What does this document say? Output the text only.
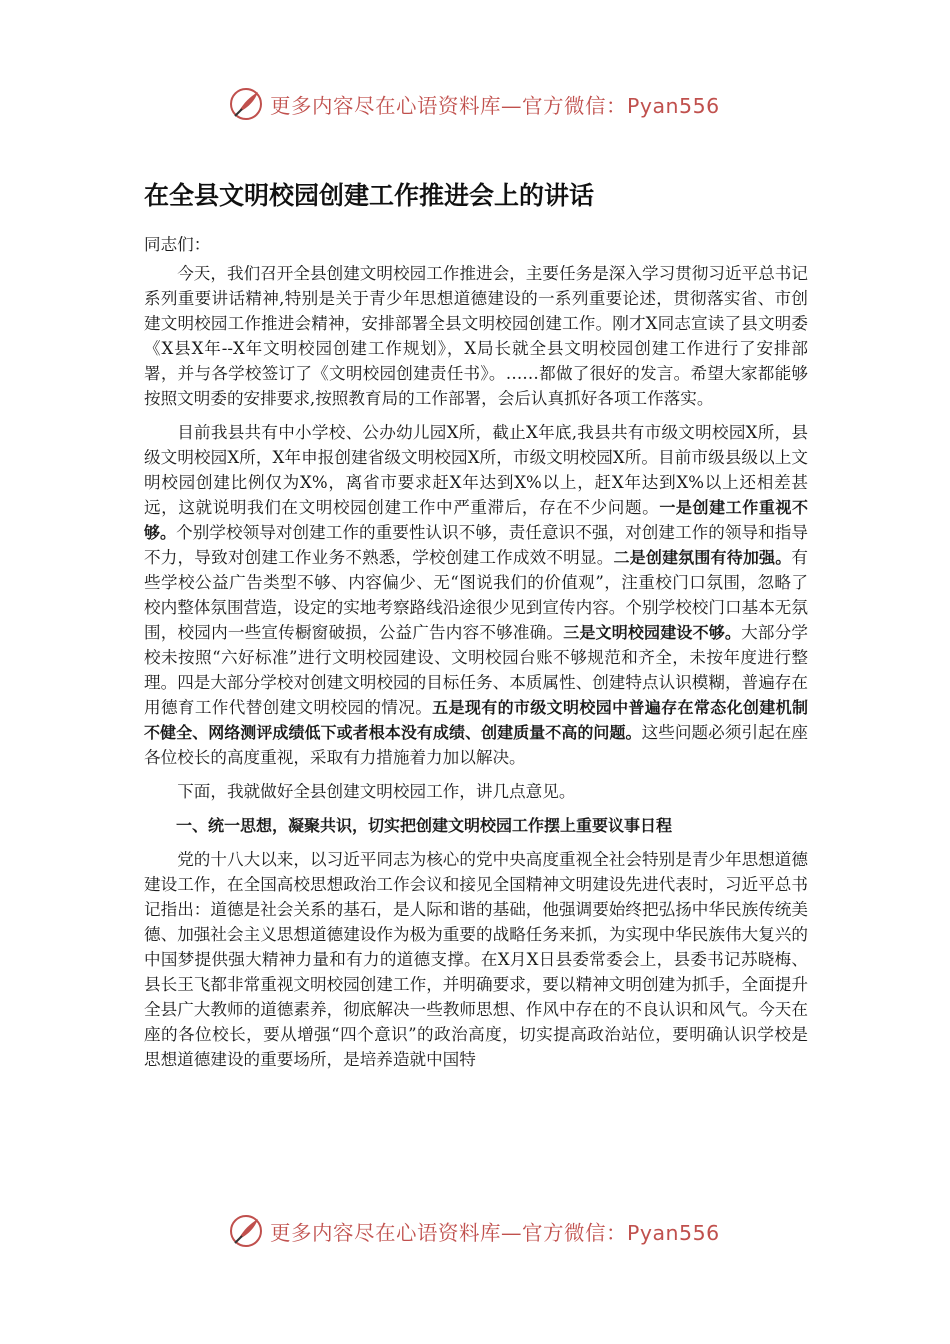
更多内容尽在心语资料库—官方微信：Pyan556
在全县文明校园创建工作推进会上的讲话

同志们：

今天，我们召开全县创建文明校园工作推进会，主要任务是深入学习贯彻习近平总书记系列重要讲话精神,特别是关于青少年思想道德建设的一系列重要论述，贯彻落实省、市创建文明校园工作推进会精神，安排部署全县文明校园创建工作。刚才X同志宣读了县文明委《X县X年--X年文明校园创建工作规划》，X局长就全县文明校园创建工作进行了安排部署，并与各学校签订了《文明校园创建责任书》。……都做了很好的发言。希望大家都能够按照文明委的安排要求,按照教育局的工作部署，会后认真抓好各项工作落实。

目前我县共有中小学校、公办幼儿园X所，截止X年底,我县共有市级文明校园X所，县级文明校园X所，X年申报创建省级文明校园X所，市级文明校园X所。目前市级县级以上文明校园创建比例仅为X%，离省市要求赶X年达到X%以上，赶X年达到X%以上还相差甚远，这就说明我们在文明校园创建工作中严重滞后，存在不少问题。一是创建工作重视不够。个别学校领导对创建工作的重要性认识不够，责任意识不强，对创建工作的领导和指导不力，导致对创建工作业务不熟悉，学校创建工作成效不明显。二是创建氛围有待加强。有些学校公益广告类型不够、内容偏少、无“图说我们的价值观”，注重校门口氛围，忽略了校内整体氛围营造，设定的实地考察路线沿途很少见到宣传内容。个别学校校门口基本无氛围，校园内一些宣传橱窗破损，公益广告内容不够准确。三是文明校园建设不够。大部分学校未按照“六好标准”进行文明校园建设、文明校园台账不够规范和齐全，未按年度进行整理。四是大部分学校对创建文明校园的目标任务、本质属性、创建特点认识模糊，普遍存在用德育工作代替创建文明校园的情况。五是现有的市级文明校园中普遍存在常态化创建机制不健全、网络测评成绩低下或者根本没有成绩、创建质量不高的问题。这些问题必须引起在座各位校长的高度重视，采取有力措施着力加以解决。

下面，我就做好全县创建文明校园工作，讲几点意见。

一、统一思想，凝聚共识，切实把创建文明校园工作摆上重要议事日程

党的十八大以来，以习近平同志为核心的党中央高度重视全社会特别是青少年思想道德建设工作，在全国高校思想政治工作会议和接见全国精神文明建设先进代表时，习近平总书记指出：道德是社会关系的基石，是人际和谐的基础，他强调要始终把弘扬中华民族传统美德、加强社会主义思想道德建设作为极为重要的战略任务来抓，为实现中华民族伟大复兴的中国梦提供强大精神力量和有力的道德支撑。在X月X日县委常委会上，县委书记苏晓梅、县长王飞都非常重视文明校园创建工作，并明确要求，要以精神文明创建为抓手，全面提升全县广大教师的道德素养，彻底解决一些教师思想、作风中存在的不良认识和风气。今天在座的各位校长，要从增强“四个意识”的政治高度，切实提高政治站位，要明确认识学校是思想道德建设的重要场所，是培养造就中国特

更多内容尽在心语资料库—官方微信：Pyan556
